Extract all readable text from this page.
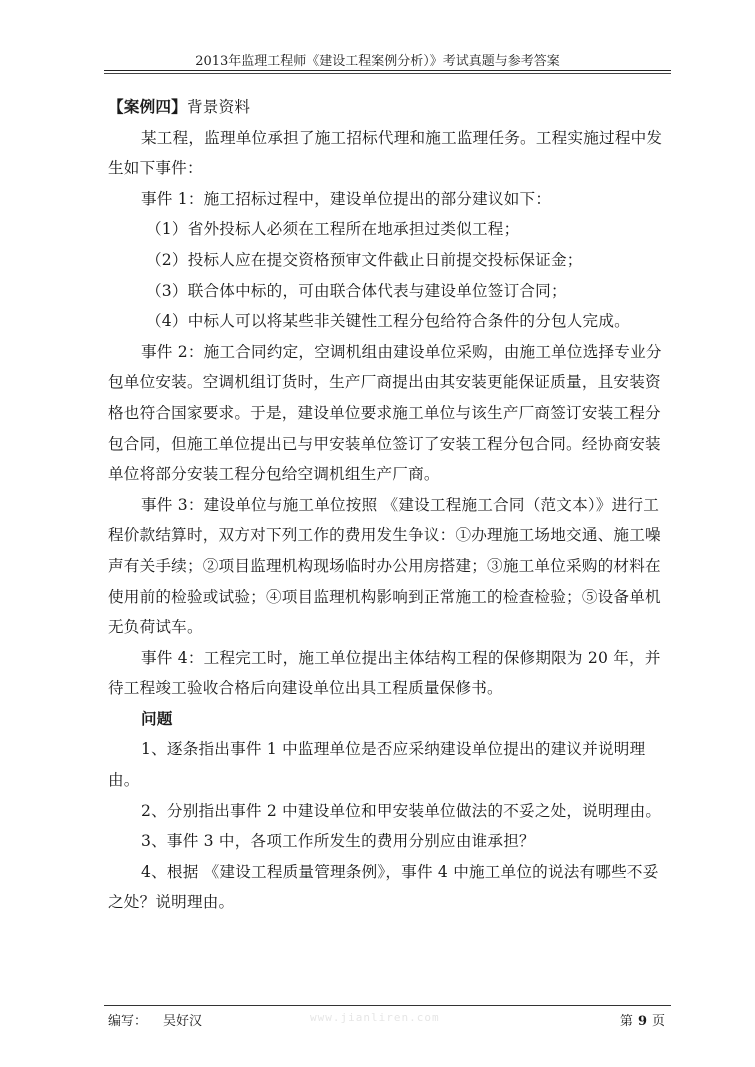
2013年监理工程师《建设工程案例分析）》考试真题与参考答案

【案例四】背景资料

某工程，监理单位承担了施工招标代理和施工监理任务。工程实施过程中发生如下事件：

事件 1：施工招标过程中，建设单位提出的部分建议如下：

（1）省外投标人必须在工程所在地承担过类似工程；

（2）投标人应在提交资格预审文件截止日前提交投标保证金；

（3）联合体中标的，可由联合体代表与建设单位签订合同；

（4）中标人可以将某些非关键性工程分包给符合条件的分包人完成。

事件 2：施工合同约定，空调机组由建设单位采购，由施工单位选择专业分包单位安装。空调机组订货时，生产厂商提出由其安装更能保证质量，且安装资格也符合国家要求。于是，建设单位要求施工单位与该生产厂商签订安装工程分包合同，但施工单位提出已与甲安装单位签订了安装工程分包合同。经协商安装单位将部分安装工程分包给空调机组生产厂商。

事件 3：建设单位与施工单位按照 《建设工程施工合同（范文本）》进行工程价款结算时，双方对下列工作的费用发生争议：①办理施工场地交通、施工噪声有关手续；②项目监理机构现场临时办公用房搭建；③施工单位采购的材料在使用前的检验或试验；④项目监理机构影响到正常施工的检查检验；⑤设备单机无负荷试车。

事件 4：工程完工时，施工单位提出主体结构工程的保修期限为 20 年，并待工程竣工验收合格后向建设单位出具工程质量保修书。

问题

1、逐条指出事件 1 中监理单位是否应采纳建设单位提出的建议并说明理由。

2、分别指出事件 2 中建设单位和甲安装单位做法的不妥之处，说明理由。

3、事件 3 中，各项工作所发生的费用分别应由谁承担？

4、根据 《建设工程质量管理条例》，事件 4 中施工单位的说法有哪些不妥之处？说明理由。

编写： 吴好汉	www.jianliren.com	第 9 页
